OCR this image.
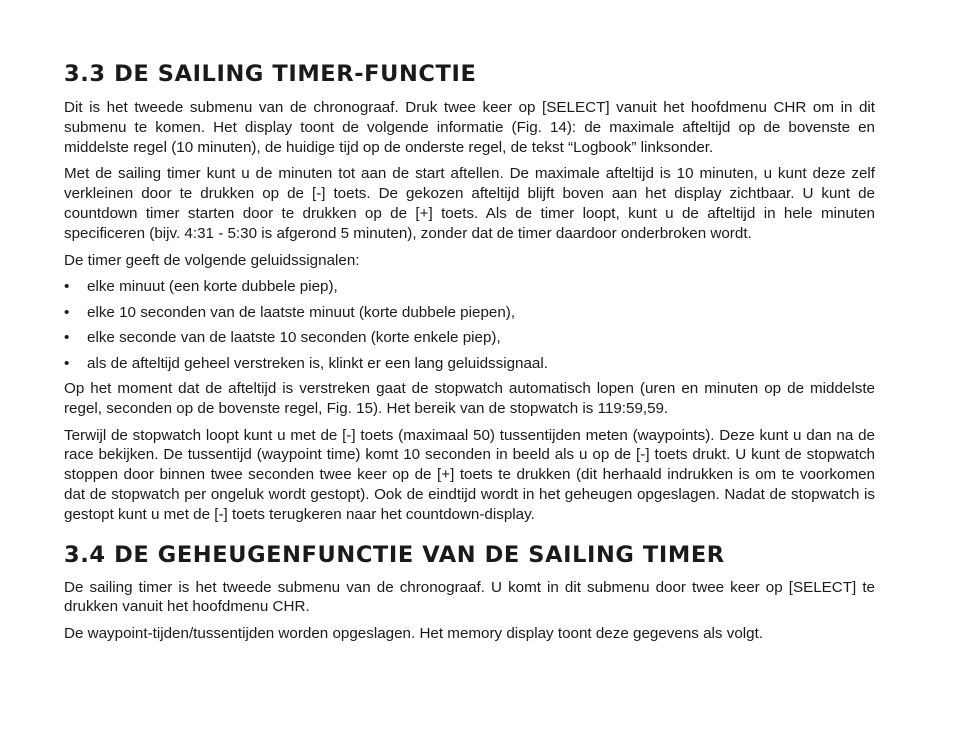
3.3 DE SAILING TIMER-FUNCTIE

Dit is het tweede submenu van de chronograaf. Druk twee keer op [SELECT] vanuit het hoofdmenu CHR om in dit submenu te komen. Het display toont de volgende informatie (Fig. 14): de maximale afteltijd op de bovenste en middelste regel (10 minuten), de huidige tijd op de onderste regel, de tekst “Logbook” linksonder.

Met de sailing timer kunt u de minuten tot aan de start aftellen. De maximale afteltijd is 10 minuten, u kunt deze zelf verkleinen door te drukken op de [-] toets. De gekozen afteltijd blijft boven aan het display zichtbaar. U kunt de countdown timer starten door te drukken op de [+] toets. Als de timer loopt, kunt u de afteltijd in hele minuten specificeren (bijv. 4:31 - 5:30 is afgerond 5 minuten), zonder dat de timer daardoor onderbroken wordt.

De timer geeft de volgende geluidssignalen:

• elke minuut (een korte dubbele piep),
• elke 10 seconden van de laatste minuut (korte dubbele piepen),
• elke seconde van de laatste 10 seconden (korte enkele piep),
• als de afteltijd geheel verstreken is, klinkt er een lang geluidssignaal.

Op het moment dat de afteltijd is verstreken gaat de stopwatch automatisch lopen (uren en minuten op de middelste regel, seconden op de bovenste regel, Fig. 15). Het bereik van de stopwatch is 119:59,59.

Terwijl de stopwatch loopt kunt u met de [-] toets (maximaal 50) tussentijden meten (waypoints). Deze kunt u dan na de race bekijken. De tussentijd (waypoint time) komt 10 seconden in beeld als u op de [-] toets drukt. U kunt de stopwatch stoppen door binnen twee seconden twee keer op de [+] toets te drukken (dit herhaald indrukken is om te voorkomen dat de stopwatch per ongeluk wordt gestopt). Ook de eindtijd wordt in het geheugen opgeslagen. Nadat de stopwatch is gestopt kunt u met de [-] toets terugkeren naar het countdown-display.

3.4 DE GEHEUGENFUNCTIE VAN DE SAILING TIMER

De sailing timer is het tweede submenu van de chronograaf. U komt in dit submenu door twee keer op [SELECT] te drukken vanuit het hoofdmenu CHR.

De waypoint-tijden/tussentijden worden opgeslagen. Het memory display toont deze gegevens als volgt.
